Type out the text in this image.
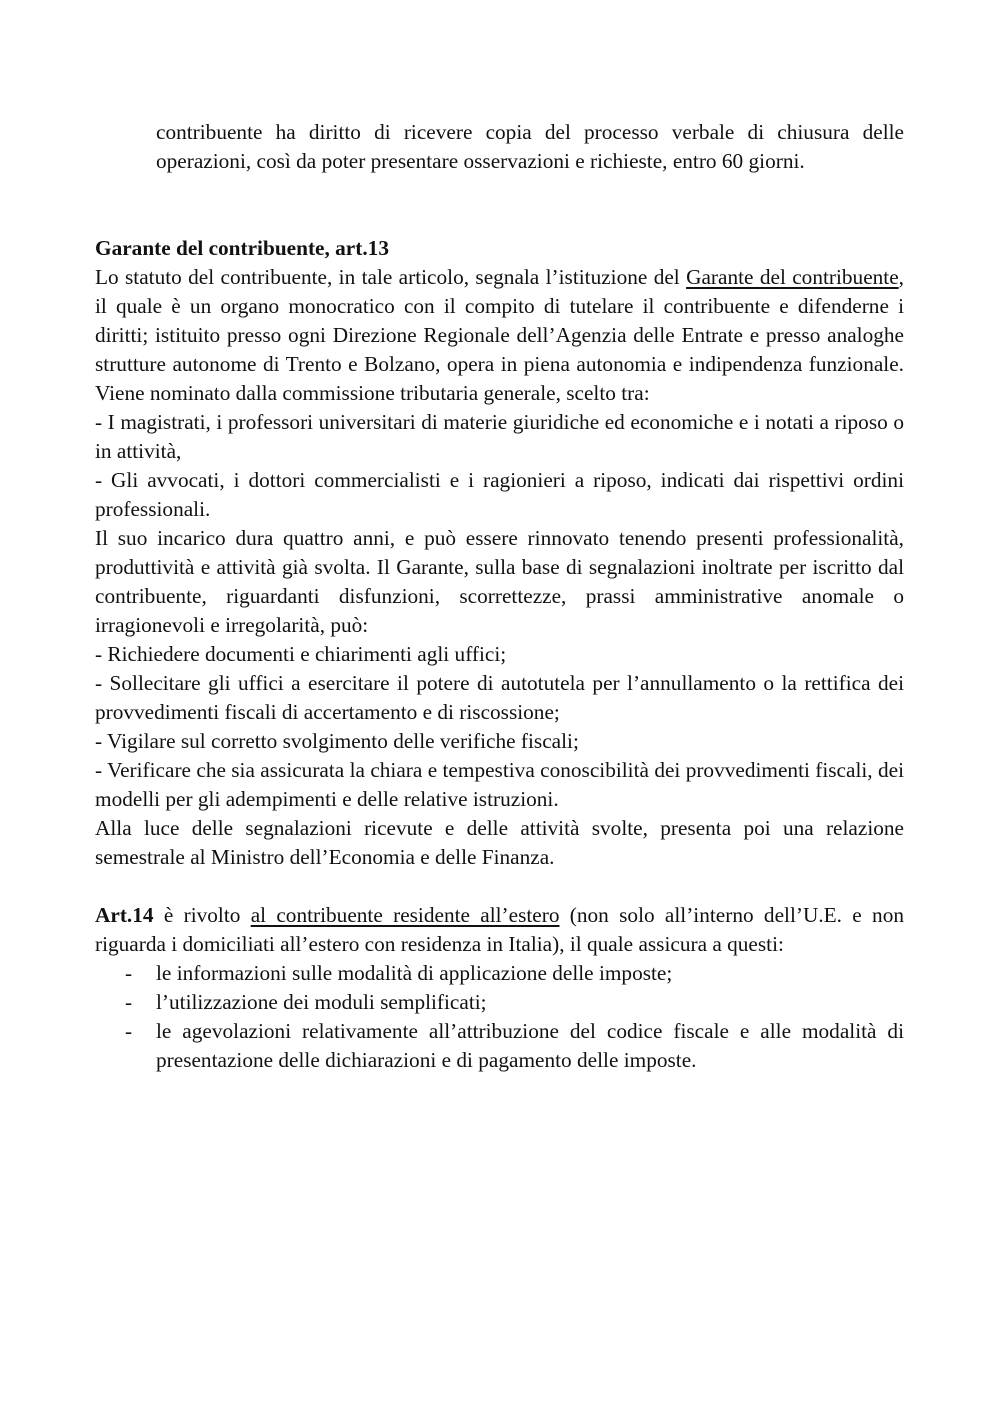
contribuente ha diritto di ricevere copia del processo verbale di chiusura delle operazioni, così da poter presentare osservazioni e richieste, entro 60 giorni.

Garante del contribuente, art.13

Lo statuto del contribuente, in tale articolo, segnala l’istituzione del Garante del contribuente, il quale è un organo monocratico con il compito di tutelare il contribuente e difenderne i diritti; istituito presso ogni Direzione Regionale dell’Agenzia delle Entrate e presso analoghe strutture autonome di Trento e Bolzano, opera in piena autonomia e indipendenza funzionale. Viene nominato dalla commissione tributaria generale, scelto tra:

- I magistrati, i professori universitari di materie giuridiche ed economiche e i notati a riposo o in attività,

- Gli avvocati, i dottori commercialisti e i ragionieri a riposo, indicati dai rispettivi ordini professionali.

Il suo incarico dura quattro anni, e può essere rinnovato tenendo presenti professionalità, produttività e attività già svolta. Il Garante, sulla base di segnalazioni inoltrate per iscritto dal contribuente, riguardanti disfunzioni, scorrettezze, prassi amministrative anomale o irragionevoli e irregolarità, può:

- Richiedere documenti e chiarimenti agli uffici;

- Sollecitare gli uffici a esercitare il potere di autotutela per l’annullamento o la rettifica dei provvedimenti fiscali di accertamento e di riscossione;

- Vigilare sul corretto svolgimento delle verifiche fiscali;

- Verificare che sia assicurata la chiara e tempestiva conoscibilità dei provvedimenti fiscali, dei modelli per gli adempimenti e delle relative istruzioni.

Alla luce delle segnalazioni ricevute e delle attività svolte, presenta poi una relazione semestrale al Ministro dell’Economia e delle Finanza.

Art.14 è rivolto al contribuente residente all’estero (non solo all’interno dell’U.E. e non riguarda i domiciliati all’estero con residenza in Italia), il quale assicura a questi:

- le informazioni sulle modalità di applicazione delle imposte;
- l’utilizzazione dei moduli semplificati;
- le agevolazioni relativamente all’attribuzione del codice fiscale e alle modalità di presentazione delle dichiarazioni e di pagamento delle imposte.
